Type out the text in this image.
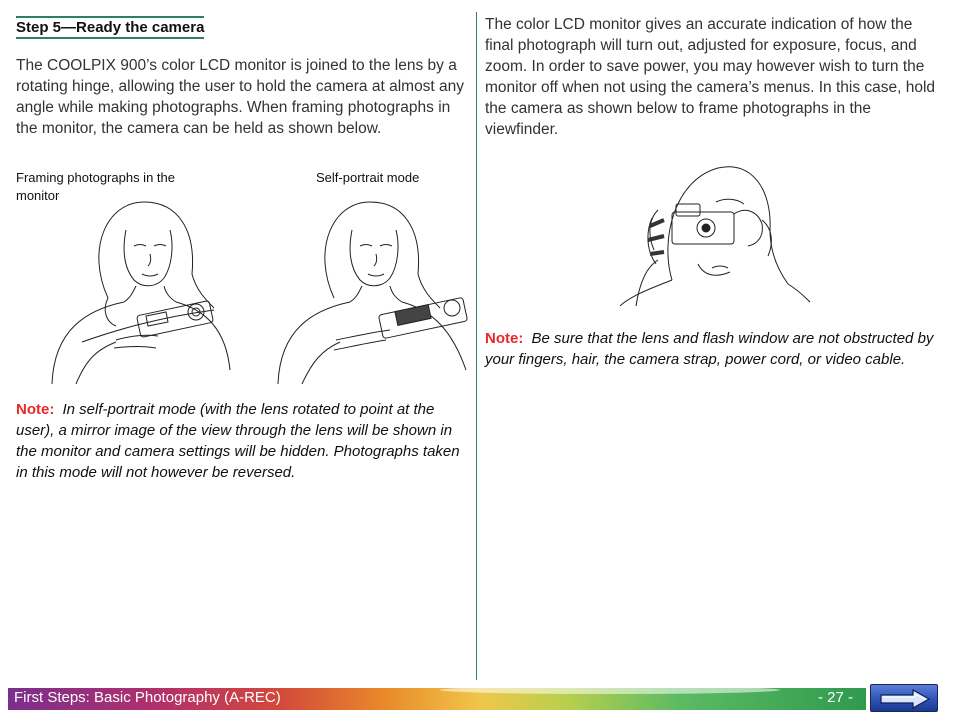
Step 5—Ready the camera

The COOLPIX 900’s color LCD monitor is joined to the lens by a rotating hinge, allowing the user to hold the camera at almost any angle while making photographs. When framing photographs in the monitor, the camera can be held as shown below.

Framing photographs in the monitor
Self-portrait mode
Note: In self-portrait mode (with the lens rotated to point at the user), a mirror image of the view through the lens will be shown in the monitor and camera settings will be hidden. Photographs taken in this mode will not however be reversed.

The color LCD monitor gives an accurate indication of how the final photograph will turn out, adjusted for exposure, focus, and zoom. In order to save power, you may however wish to turn the monitor off when not using the camera’s menus. In this case, hold the camera as shown below to frame photographs in the viewfinder.

Note: Be sure that the lens and flash window are not obstructed by your fingers, hair, the camera strap, power cord, or video cable.
First Steps: Basic Photography (A-REC)	- 27 -
